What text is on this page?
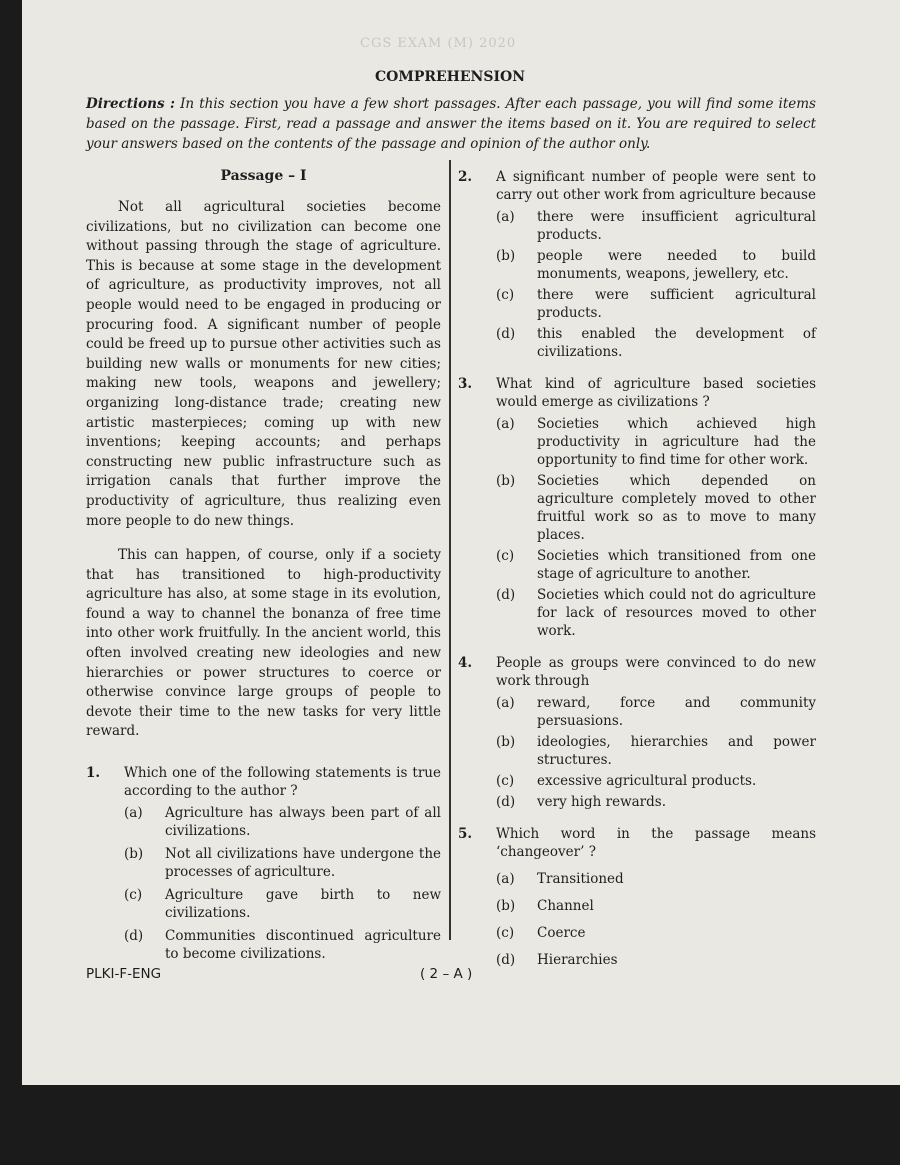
CGS EXAM (M) 2020
COMPREHENSION
Directions : In this section you have a few short passages. After each passage, you will find some items based on the passage. First, read a passage and answer the items based on it. You are required to select your answers based on the contents of the passage and opinion of the author only.
Passage – I

Not all agricultural societies become civilizations, but no civilization can become one without passing through the stage of agriculture. This is because at some stage in the development of agriculture, as productivity improves, not all people would need to be engaged in producing or procuring food. A significant number of people could be freed up to pursue other activities such as building new walls or monuments for new cities; making new tools, weapons and jewellery; organizing long-distance trade; creating new artistic masterpieces; coming up with new inventions; keeping accounts; and perhaps constructing new public infrastructure such as irrigation canals that further improve the productivity of agriculture, thus realizing even more people to do new things.

This can happen, of course, only if a society that has transitioned to high-productivity agriculture has also, at some stage in its evolution, found a way to channel the bonanza of free time into other work fruitfully. In the ancient world, this often involved creating new ideologies and new hierarchies or power structures to coerce or otherwise convince large groups of people to devote their time to the new tasks for very little reward.

1.	Which one of the following statements is true according to the author ?
(a)	Agriculture has always been part of all civilizations.
(b)	Not all civilizations have undergone the processes of agriculture.
(c)	Agriculture gave birth to new civilizations.
(d)	Communities discontinued agriculture to become civilizations.
2.	A significant number of people were sent to carry out other work from agriculture because
(a)	there were insufficient agricultural products.
(b)	people were needed to build monuments, weapons, jewellery, etc.
(c)	there were sufficient agricultural products.
(d)	this enabled the development of civilizations.
3.	What kind of agriculture based societies would emerge as civilizations ?
(a)	Societies which achieved high productivity in agriculture had the opportunity to find time for other work.
(b)	Societies which depended on agriculture completely moved to other fruitful work so as to move to many places.
(c)	Societies which transitioned from one stage of agriculture to another.
(d)	Societies which could not do agriculture for lack of resources moved to other work.
4.	People as groups were convinced to do new work through
(a)	reward, force and community persuasions.
(b)	ideologies, hierarchies and power structures.
(c)	excessive agricultural products.
(d)	very high rewards.
5.	Which word in the passage means ‘changeover’ ?
(a)	Transitioned
(b)	Channel
(c)	Coerce
(d)	Hierarchies
PLKI-F-ENG	( 2 – A )
